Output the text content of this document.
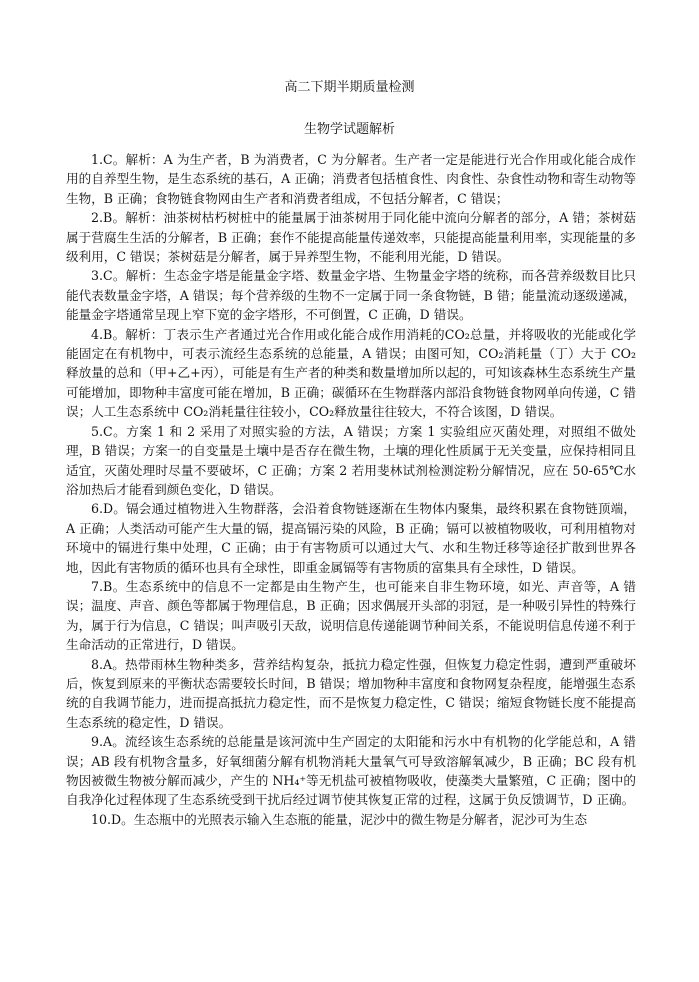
高二下期半期质量检测
生物学试题解析

1.C。解析：A 为生产者，B 为消费者，C 为分解者。生产者一定是能进行光合作用或化能合成作用的自养型生物，是生态系统的基石，A 正确；消费者包括植食性、肉食性、杂食性动物和寄生动物等生物，B 正确；食物链食物网由生产者和消费者组成，不包括分解者，C 错误；

2.B。解析：油茶树枯朽树桩中的能量属于油茶树用于同化能中流向分解者的部分，A 错；茶树菇属于营腐生生活的分解者，B 正确；套作不能提高能量传递效率，只能提高能量利用率，实现能量的多级利用，C 错误；茶树菇是分解者，属于异养型生物，不能利用光能，D 错误。

3.C。解析：生态金字塔是能量金字塔、数量金字塔、生物量金字塔的统称，而各营养级数目比只能代表数量金字塔，A 错误；每个营养级的生物不一定属于同一条食物链，B 错；能量流动逐级递减，能量金字塔通常呈现上窄下宽的金字塔形，不可倒置，C 正确，D 错误。

4.B。解析：丁表示生产者通过光合作用或化能合成作用消耗的CO₂总量，并将吸收的光能或化学能固定在有机物中，可表示流经生态系统的总能量，A 错误；由图可知，CO₂消耗量（丁）大于 CO₂释放量的总和（甲+乙+丙），可能是有生产者的种类和数量增加所以起的，可知该森林生态系统生产量可能增加，即物种丰富度可能在增加，B 正确；碳循环在生物群落内部沿食物链食物网单向传递，C 错误；人工生态系统中 CO₂消耗量往往较小，CO₂释放量往往较大，不符合该图，D 错误。

5.C。方案 1 和 2 采用了对照实验的方法，A 错误；方案 1 实验组应灭菌处理，对照组不做处理，B 错误；方案一的自变量是土壤中是否存在微生物，土壤的理化性质属于无关变量，应保持相同且适宜，灭菌处理时尽量不要破坏，C 正确；方案 2 若用斐林试剂检测淀粉分解情况，应在 50-65℃水浴加热后才能看到颜色变化，D 错误。

6.D。镉会通过植物进入生物群落，会沿着食物链逐渐在生物体内聚集，最终积累在食物链顶端，A 正确；人类活动可能产生大量的镉，提高镉污染的风险，B 正确；镉可以被植物吸收，可利用植物对环境中的镉进行集中处理，C 正确；由于有害物质可以通过大气、水和生物迁移等途径扩散到世界各地，因此有害物质的循环也具有全球性，即重金属镉等有害物质的富集具有全球性，D 错误。

7.B。生态系统中的信息不一定都是由生物产生，也可能来自非生物环境，如光、声音等，A 错误；温度、声音、颜色等都属于物理信息，B 正确；因求偶展开头部的羽冠，是一种吸引异性的特殊行为，属于行为信息，C 错误；叫声吸引天敌，说明信息传递能调节种间关系，不能说明信息传递不利于生命活动的正常进行，D 错误。

8.A。热带雨林生物种类多，营养结构复杂，抵抗力稳定性强，但恢复力稳定性弱，遭到严重破坏后，恢复到原来的平衡状态需要较长时间，B 错误；增加物种丰富度和食物网复杂程度，能增强生态系统的自我调节能力，进而提高抵抗力稳定性，而不是恢复力稳定性，C 错误；缩短食物链长度不能提高生态系统的稳定性，D 错误。

9.A。流经该生态系统的总能量是该河流中生产固定的太阳能和污水中有机物的化学能总和，A 错误；AB 段有机物含量多，好氧细菌分解有机物消耗大量氧气可导致溶解氧减少，B 正确；BC 段有机物因被微生物被分解而减少，产生的 NH₄⁺等无机盐可被植物吸收，使藻类大量繁殖，C 正确；图中的自我净化过程体现了生态系统受到干扰后经过调节使其恢复正常的过程，这属于负反馈调节，D 正确。

10.D。生态瓶中的光照表示输入生态瓶的能量，泥沙中的微生物是分解者，泥沙可为生态
